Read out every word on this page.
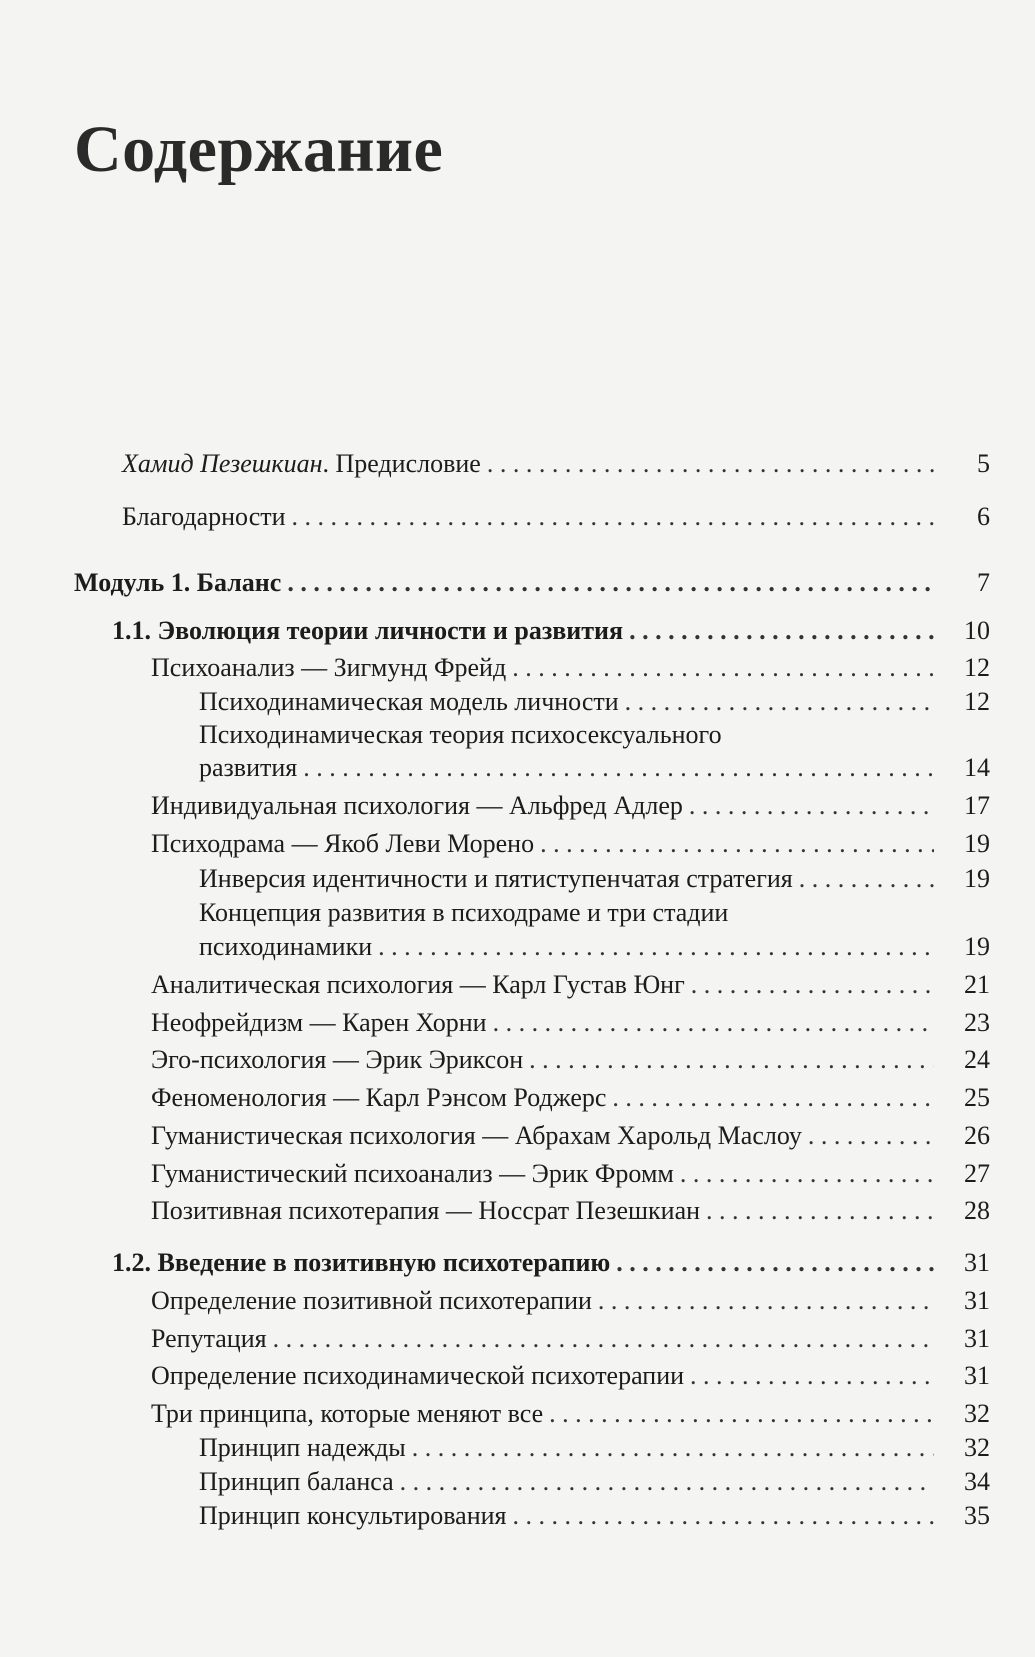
Содержание
Хамид Пезешкиан. Предисловие . . .	5
Благодарности . . .	6
Модуль 1. Баланс . . .	7
1.1. Эволюция теории личности и развития . . .	10
Психоанализ — Зигмунд Фрейд . . .	12
Психодинамическая модель личности . . .	12
Психодинамическая теория психосексуального
развития . . .	14
Индивидуальная психология — Альфред Адлер . . .	17
Психодрама — Якоб Леви Морено . . .	19
Инверсия идентичности и пятиступенчатая стратегия . . .	19
Концепция развития в психодраме и три стадии
психодинамики . . .	19
Аналитическая психология — Карл Густав Юнг . . .	21
Неофрейдизм — Карен Хорни . . .	23
Эго-психология — Эрик Эриксон . . .	24
Феноменология — Карл Рэнсом Роджерс . . .	25
Гуманистическая психология — Абрахам Харольд Маслоу . . .	26
Гуманистический психоанализ — Эрик Фромм . . .	27
Позитивная психотерапия — Носсрат Пезешкиан . . .	28
1.2. Введение в позитивную психотерапию . . .	31
Определение позитивной психотерапии . . .	31
Репутация . . .	31
Определение психодинамической психотерапии . . .	31
Три принципа, которые меняют все . . .	32
Принцип надежды . . .	32
Принцип баланса . . .	34
Принцип консультирования . . .	35
